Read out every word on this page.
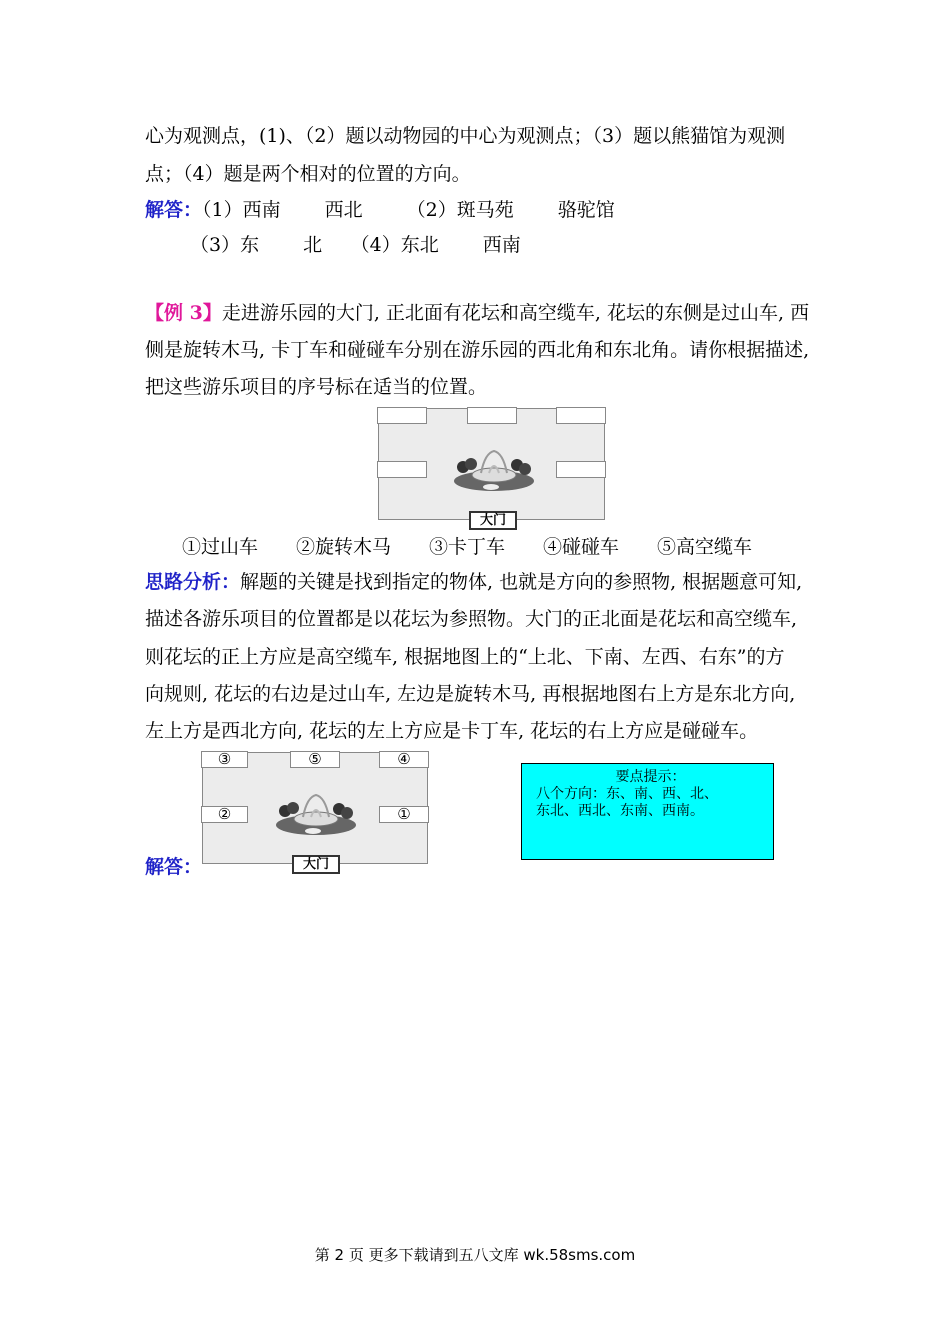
心为观测点，(1)、（2）题以动物园的中心为观测点；（3）题以熊猫馆为观测
点；（4）题是两个相对的位置的方向。
解答：（1）西南　　 西北　　 （2）斑马苑　　 骆驼馆
（3）东　　 北　　（4）东北　　 西南
【例 3】走进游乐园的大门, 正北面有花坛和高空缆车, 花坛的东侧是过山车, 西
侧是旋转木马, 卡丁车和碰碰车分别在游乐园的西北角和东北角。请你根据描述,
把这些游乐项目的序号标在适当的位置。
大门
①过山车　　②旋转木马　　③卡丁车　　④碰碰车　　⑤高空缆车
思路分析：解题的关键是找到指定的物体, 也就是方向的参照物, 根据题意可知,
描述各游乐项目的位置都是以花坛为参照物。大门的正北面是花坛和高空缆车,
则花坛的正上方应是高空缆车, 根据地图上的“上北、下南、左西、右东”的方
向规则, 花坛的右边是过山车, 左边是旋转木马, 再根据地图右上方是东北方向,
左上方是西北方向, 花坛的左上方应是卡丁车, 花坛的右上方应是碰碰车。
③	⑤	④
②	①
大门
解答：
要点提示：
八个方向：东、南、西、北、
东北、西北、东南、西南。
第 2 页 更多下载请到五八文库 wk.58sms.com
